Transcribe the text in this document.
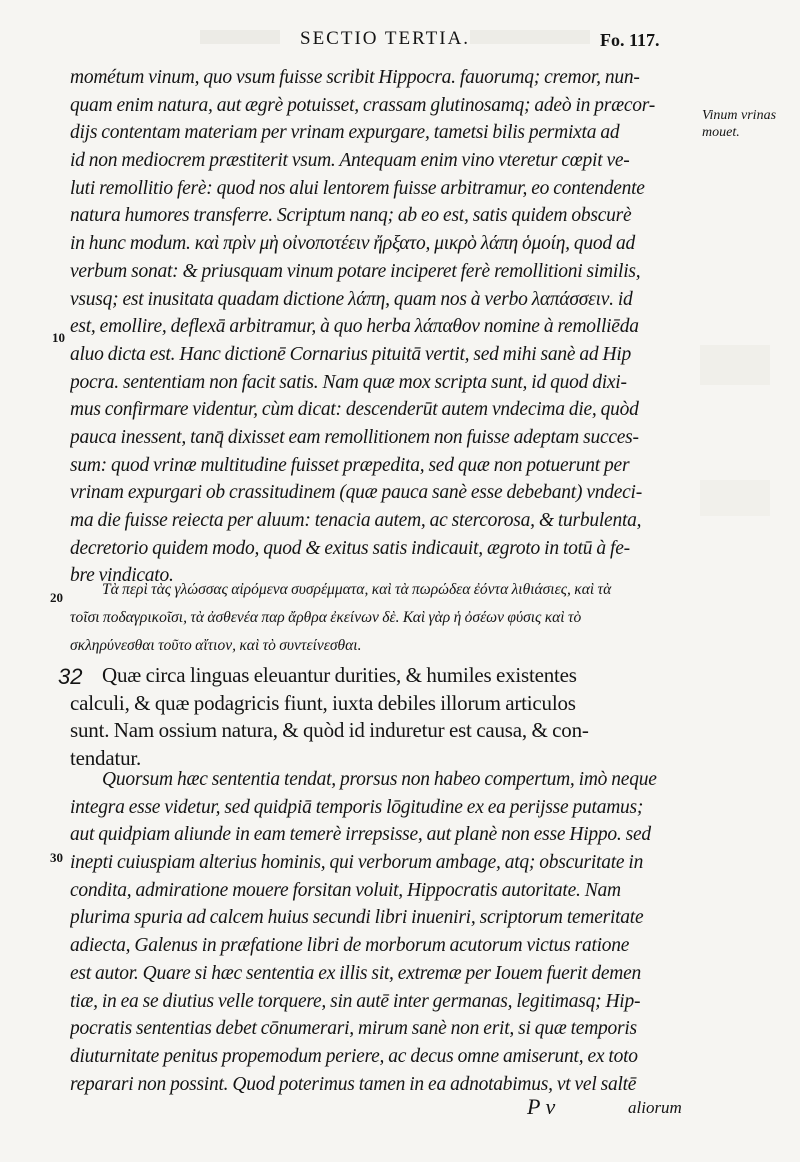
SECTIO TERTIA.	Fo. 117.
Vinum vrinas
mouet.
10
20
30
mométum vinum, quo vsum fuisse scribit Hippocra. fauorumq; cremor, nun-
quam enim natura, aut ægrè potuisset, crassam glutinosamq; adeò in præcor-
dijs contentam materiam per vrinam expurgare, tametsi bilis permixta ad
id non mediocrem præstiterit vsum. Antequam enim vino vteretur cœpit ve-
luti remollitio ferè: quod nos alui lentorem fuisse arbitramur, eo contendente
natura humores transferre. Scriptum nanq; ab eo est, satis quidem obscurè
in hunc modum. καὶ πρὶν μὴ οἰνοποτέειν ἤρξατο, μικρὸ λάπη ὁμοίη, quod ad
verbum sonat: & priusquam vinum potare inciperet ferè remollitioni similis,
vsusq; est inusitata quadam dictione λάπη, quam nos à verbo λαπάσσειν. id
est, emollire, deflexā arbitramur, à quo herba λάπαθον nomine à remolliēda
aluo dicta est. Hanc dictionē Cornarius pituitā vertit, sed mihi sanè ad Hip
pocra. sententiam non facit satis. Nam quæ mox scripta sunt, id quod dixi-
mus confirmare videntur, cùm dicat: descenderūt autem vndecima die, quòd
pauca inessent, tanq̄ dixisset eam remollitionem non fuisse adeptam succes-
sum: quod vrinæ multitudine fuisset præpedita, sed quæ non potuerunt per
vrinam expurgari ob crassitudinem (quæ pauca sanè esse debebant) vndeci-
ma die fuisse reiecta per aluum: tenacia autem, ac stercorosa, & turbulenta,
decretorio quidem modo, quod & exitus satis indicauit, ægroto in totū à fe-
bre vindicato.
Τὰ περὶ τὰς γλώσσας αἰρόμενα συσρέμματα, καὶ τὰ πωρώδεα ἐόντα λιθιάσιες, καὶ τὰ
τοῖσι ποδαγρικοῖσι, τὰ ἀσθενέα παρ ἄρθρα ἐκείνων δὲ. Καὶ γὰρ ἡ ὀσέων φύσις καὶ τὸ
σκληρύνεσθαι τοῦτο αἴτιον, καὶ τὸ συντείνεσθαι.
32 Quæ circa linguas eleuantur durities, & humiles existentes
calculi, & quæ podagricis fiunt, iuxta debiles illorum articulos
sunt. Nam ossium natura, & quòd id induretur est causa, & con-
tendatur.
Quorsum hæc sententia tendat, prorsus non habeo compertum, imò neque
integra esse videtur, sed quidpiā temporis lōgitudine ex ea perijsse putamus;
aut quidpiam aliunde in eam temerè irrepsisse, aut planè non esse Hippo. sed
inepti cuiuspiam alterius hominis, qui verborum ambage, atq; obscuritate in
condita, admiratione mouere forsitan voluit, Hippocratis autoritate. Nam
plurima spuria ad calcem huius secundi libri inueniri, scriptorum temeritate
adiecta, Galenus in præfatione libri de morborum acutorum victus ratione
est autor. Quare si hæc sententia ex illis sit, extremæ per Iouem fuerit demen
tiæ, in ea se diutius velle torquere, sin autē inter germanas, legitimasq; Hip-
pocratis sententias debet cōnumerari, mirum sanè non erit, si quæ temporis
diuturnitate penitus propemodum periere, ac decus omne amiserunt, ex toto
reparari non possint. Quod poterimus tamen in ea adnotabimus, vt vel saltē
P v	aliorum
